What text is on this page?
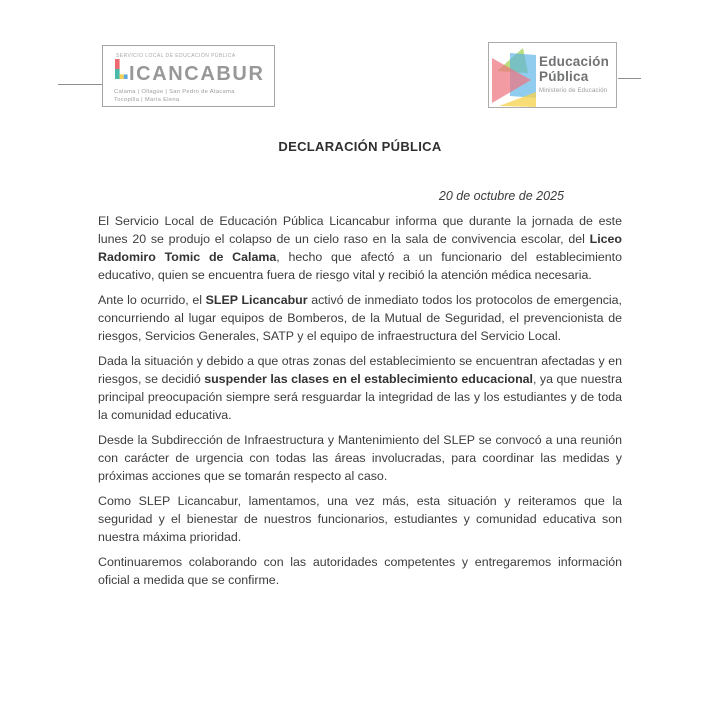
SERVICIO LOCAL DE EDUCACIÓN PÚBLICA
ICANCABUR
Calama | Ollagüe | San Pedro de Atacama
Tocopilla | María Elena
Educación
Pública
Ministerio de Educación
DECLARACIÓN PÚBLICA
20 de octubre de 2025

El Servicio Local de Educación Pública Licancabur informa que durante la jornada de este lunes 20 se produjo el colapso de un cielo raso en la sala de convivencia escolar, del Liceo Radomiro Tomic de Calama, hecho que afectó a un funcionario del establecimiento educativo, quien se encuentra fuera de riesgo vital y recibió la atención médica necesaria.

Ante lo ocurrido, el SLEP Licancabur activó de inmediato todos los protocolos de emergencia, concurriendo al lugar equipos de Bomberos, de la Mutual de Seguridad, el prevencionista de riesgos, Servicios Generales, SATP y el equipo de infraestructura del Servicio Local.

Dada la situación y debido a que otras zonas del establecimiento se encuentran afectadas y en riesgos, se decidió suspender las clases en el establecimiento educacional, ya que nuestra principal preocupación siempre será resguardar la integridad de las y los estudiantes y de toda la comunidad educativa.

Desde la Subdirección de Infraestructura y Mantenimiento del SLEP se convocó a una reunión con carácter de urgencia con todas las áreas involucradas, para coordinar las medidas y próximas acciones que se tomarán respecto al caso.

Como SLEP Licancabur, lamentamos, una vez más, esta situación y reiteramos que la seguridad y el bienestar de nuestros funcionarios, estudiantes y comunidad educativa son nuestra máxima prioridad.

Continuaremos colaborando con las autoridades competentes y entregaremos información oficial a medida que se confirme.
